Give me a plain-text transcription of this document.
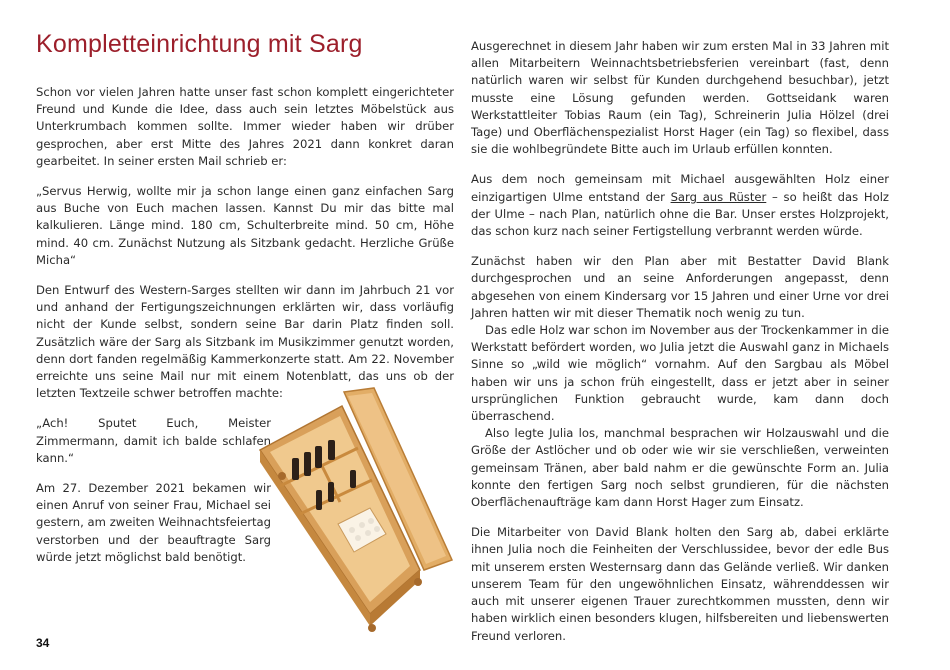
Kompletteinrichtung mit Sarg

Schon vor vielen Jahren hatte unser fast schon komplett eingerichteter Freund und Kunde die Idee, dass auch sein letztes Möbelstück aus Unterkrumbach kommen sollte. Immer wieder haben wir drüber gesprochen, aber erst Mitte des Jahres 2021 dann konkret daran gearbeitet. In seiner ersten Mail schrieb er:

„Servus Herwig, wollte mir ja schon lange einen ganz einfachen Sarg aus Buche von Euch machen lassen. Kannst Du mir das bitte mal kalkulieren. Länge mind. 180 cm, Schulterbreite mind. 50 cm, Höhe mind. 40 cm. Zunächst Nutzung als Sitzbank gedacht. Herzliche Grüße Micha“

Den Entwurf des Western-Sarges stellten wir dann im Jahrbuch 21 vor und anhand der Fertigungszeichnungen erklärten wir, dass vorläufig nicht der Kunde selbst, sondern seine Bar darin Platz finden soll. Zusätzlich wäre der Sarg als Sitzbank im Musikzimmer genutzt worden, denn dort fanden regelmäßig Kammerkonzerte statt. Am 22. November erreichte uns seine Mail nur mit einem Notenblatt, das uns ob der letzten Textzeile schwer betroffen machte:

„Ach! Sputet Euch, Meister Zimmermann, damit ich balde schlafen kann.“

Am 27. Dezember 2021 bekamen wir einen Anruf von seiner Frau, Michael sei gestern, am zweiten Weihnachtsfeiertag verstorben und der beauftragte Sarg würde jetzt möglichst bald benötigt.

Ausgerechnet in diesem Jahr haben wir zum ersten Mal in 33 Jahren mit allen Mitarbeitern Weinnachtsbetriebsferien vereinbart (fast, denn natürlich waren wir selbst für Kunden durchgehend besuchbar), jetzt musste eine Lösung gefunden werden. Gottseidank waren Werkstattleiter Tobias Raum (ein Tag), Schreinerin Julia Hölzel (drei Tage) und Oberflächenspezialist Horst Hager (ein Tag) so flexibel, dass sie die wohlbegründete Bitte auch im Urlaub erfüllen konnten.

Aus dem noch gemeinsam mit Michael ausgewählten Holz einer einzigartigen Ulme entstand der Sarg aus Rüster – so heißt das Holz der Ulme – nach Plan, natürlich ohne die Bar. Unser erstes Holzprojekt, das schon kurz nach seiner Fertigstellung verbrannt werden würde.

Zunächst haben wir den Plan aber mit Bestatter David Blank durchgesprochen und an seine Anforderungen angepasst, denn abgesehen von einem Kindersarg vor 15 Jahren und einer Urne vor drei Jahren hatten wir mit dieser Thematik noch wenig zu tun.

Das edle Holz war schon im November aus der Trockenkammer in die Werkstatt befördert worden, wo Julia jetzt die Auswahl ganz in Michaels Sinne so „wild wie möglich“ vornahm. Auf den Sargbau als Möbel haben wir uns ja schon früh eingestellt, dass er jetzt aber in seiner ursprünglichen Funktion gebraucht wurde, kam dann doch überraschend.

Also legte Julia los, manchmal besprachen wir Holzauswahl und die Größe der Astlöcher und ob oder wie wir sie verschließen, verweinten gemeinsam Tränen, aber bald nahm er die gewünschte Form an. Julia konnte den fertigen Sarg noch selbst grundieren, für die nächsten Oberflächenaufträge kam dann Horst Hager zum Einsatz.

Die Mitarbeiter von David Blank holten den Sarg ab, dabei erklärte ihnen Julia noch die Feinheiten der Verschlussidee, bevor der edle Bus mit unserem ersten Westernsarg dann das Gelände verließ. Wir danken unserem Team für den ungewöhnlichen Einsatz, währenddessen wir auch mit unserer eigenen Trauer zurechtkommen mussten, denn wir haben wirklich einen besonders klugen, hilfsbereiten und liebenswerten Freund verloren.

34
